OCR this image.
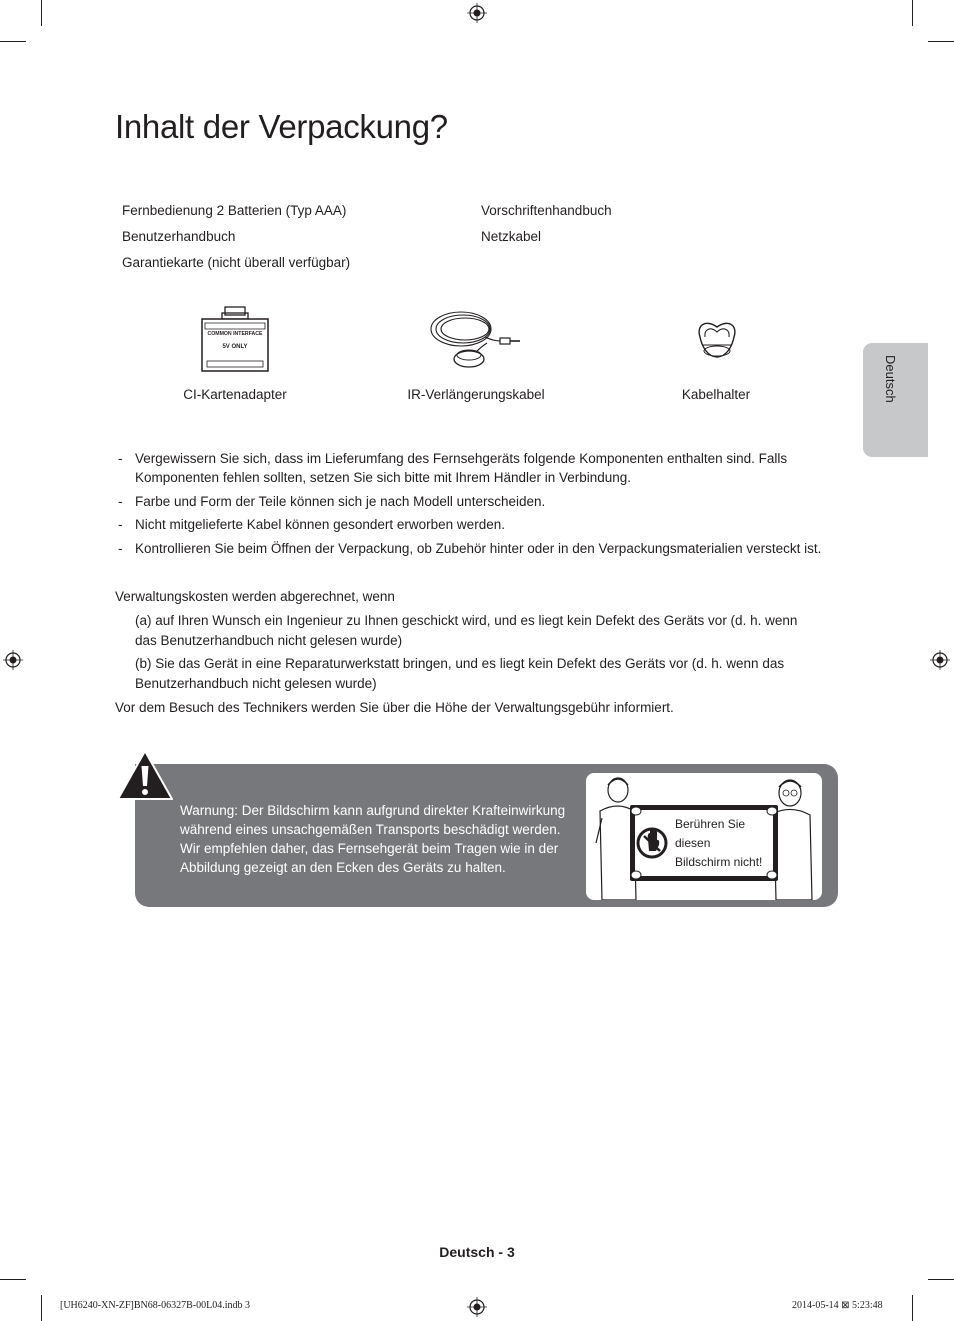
Inhalt der Verpackung?
Fernbedienung 2 Batterien (Typ AAA)
Benutzerhandbuch
Garantiekarte (nicht überall verfügbar)
Vorschriftenhandbuch
Netzkabel
COMMON INTERFACE
5V ONLY
CI-Kartenadapter	IR-Verlängerungskabel	Kabelhalter	Deutsch
- Vergewissern Sie sich, dass im Lieferumfang des Fernsehgeräts folgende Komponenten enthalten sind. Falls Komponenten fehlen sollten, setzen Sie sich bitte mit Ihrem Händler in Verbindung.
- Farbe und Form der Teile können sich je nach Modell unterscheiden.
- Nicht mitgelieferte Kabel können gesondert erworben werden.
- Kontrollieren Sie beim Öffnen der Verpackung, ob Zubehör hinter oder in den Verpackungsmaterialien versteckt ist.
Verwaltungskosten werden abgerechnet, wenn
(a) auf Ihren Wunsch ein Ingenieur zu Ihnen geschickt wird, und es liegt kein Defekt des Geräts vor (d. h. wenn das Benutzerhandbuch nicht gelesen wurde)
(b) Sie das Gerät in eine Reparaturwerkstatt bringen, und es liegt kein Defekt des Geräts vor (d. h. wenn das Benutzerhandbuch nicht gelesen wurde)
Vor dem Besuch des Technikers werden Sie über die Höhe der Verwaltungsgebühr informiert.
Warnung: Der Bildschirm kann aufgrund direkter Krafteinwirkung während eines unsachgemäßen Transports beschädigt werden. Wir empfehlen daher, das Fernsehgerät beim Tragen wie in der Abbildung gezeigt an den Ecken des Geräts zu halten.
Berühren Sie
diesen
Bildschirm nicht!
Deutsch - 3
[UH6240-XN-ZF]BN68-06327B-00L04.indb 3	2014-05-14 ⊠ 5:23:48
